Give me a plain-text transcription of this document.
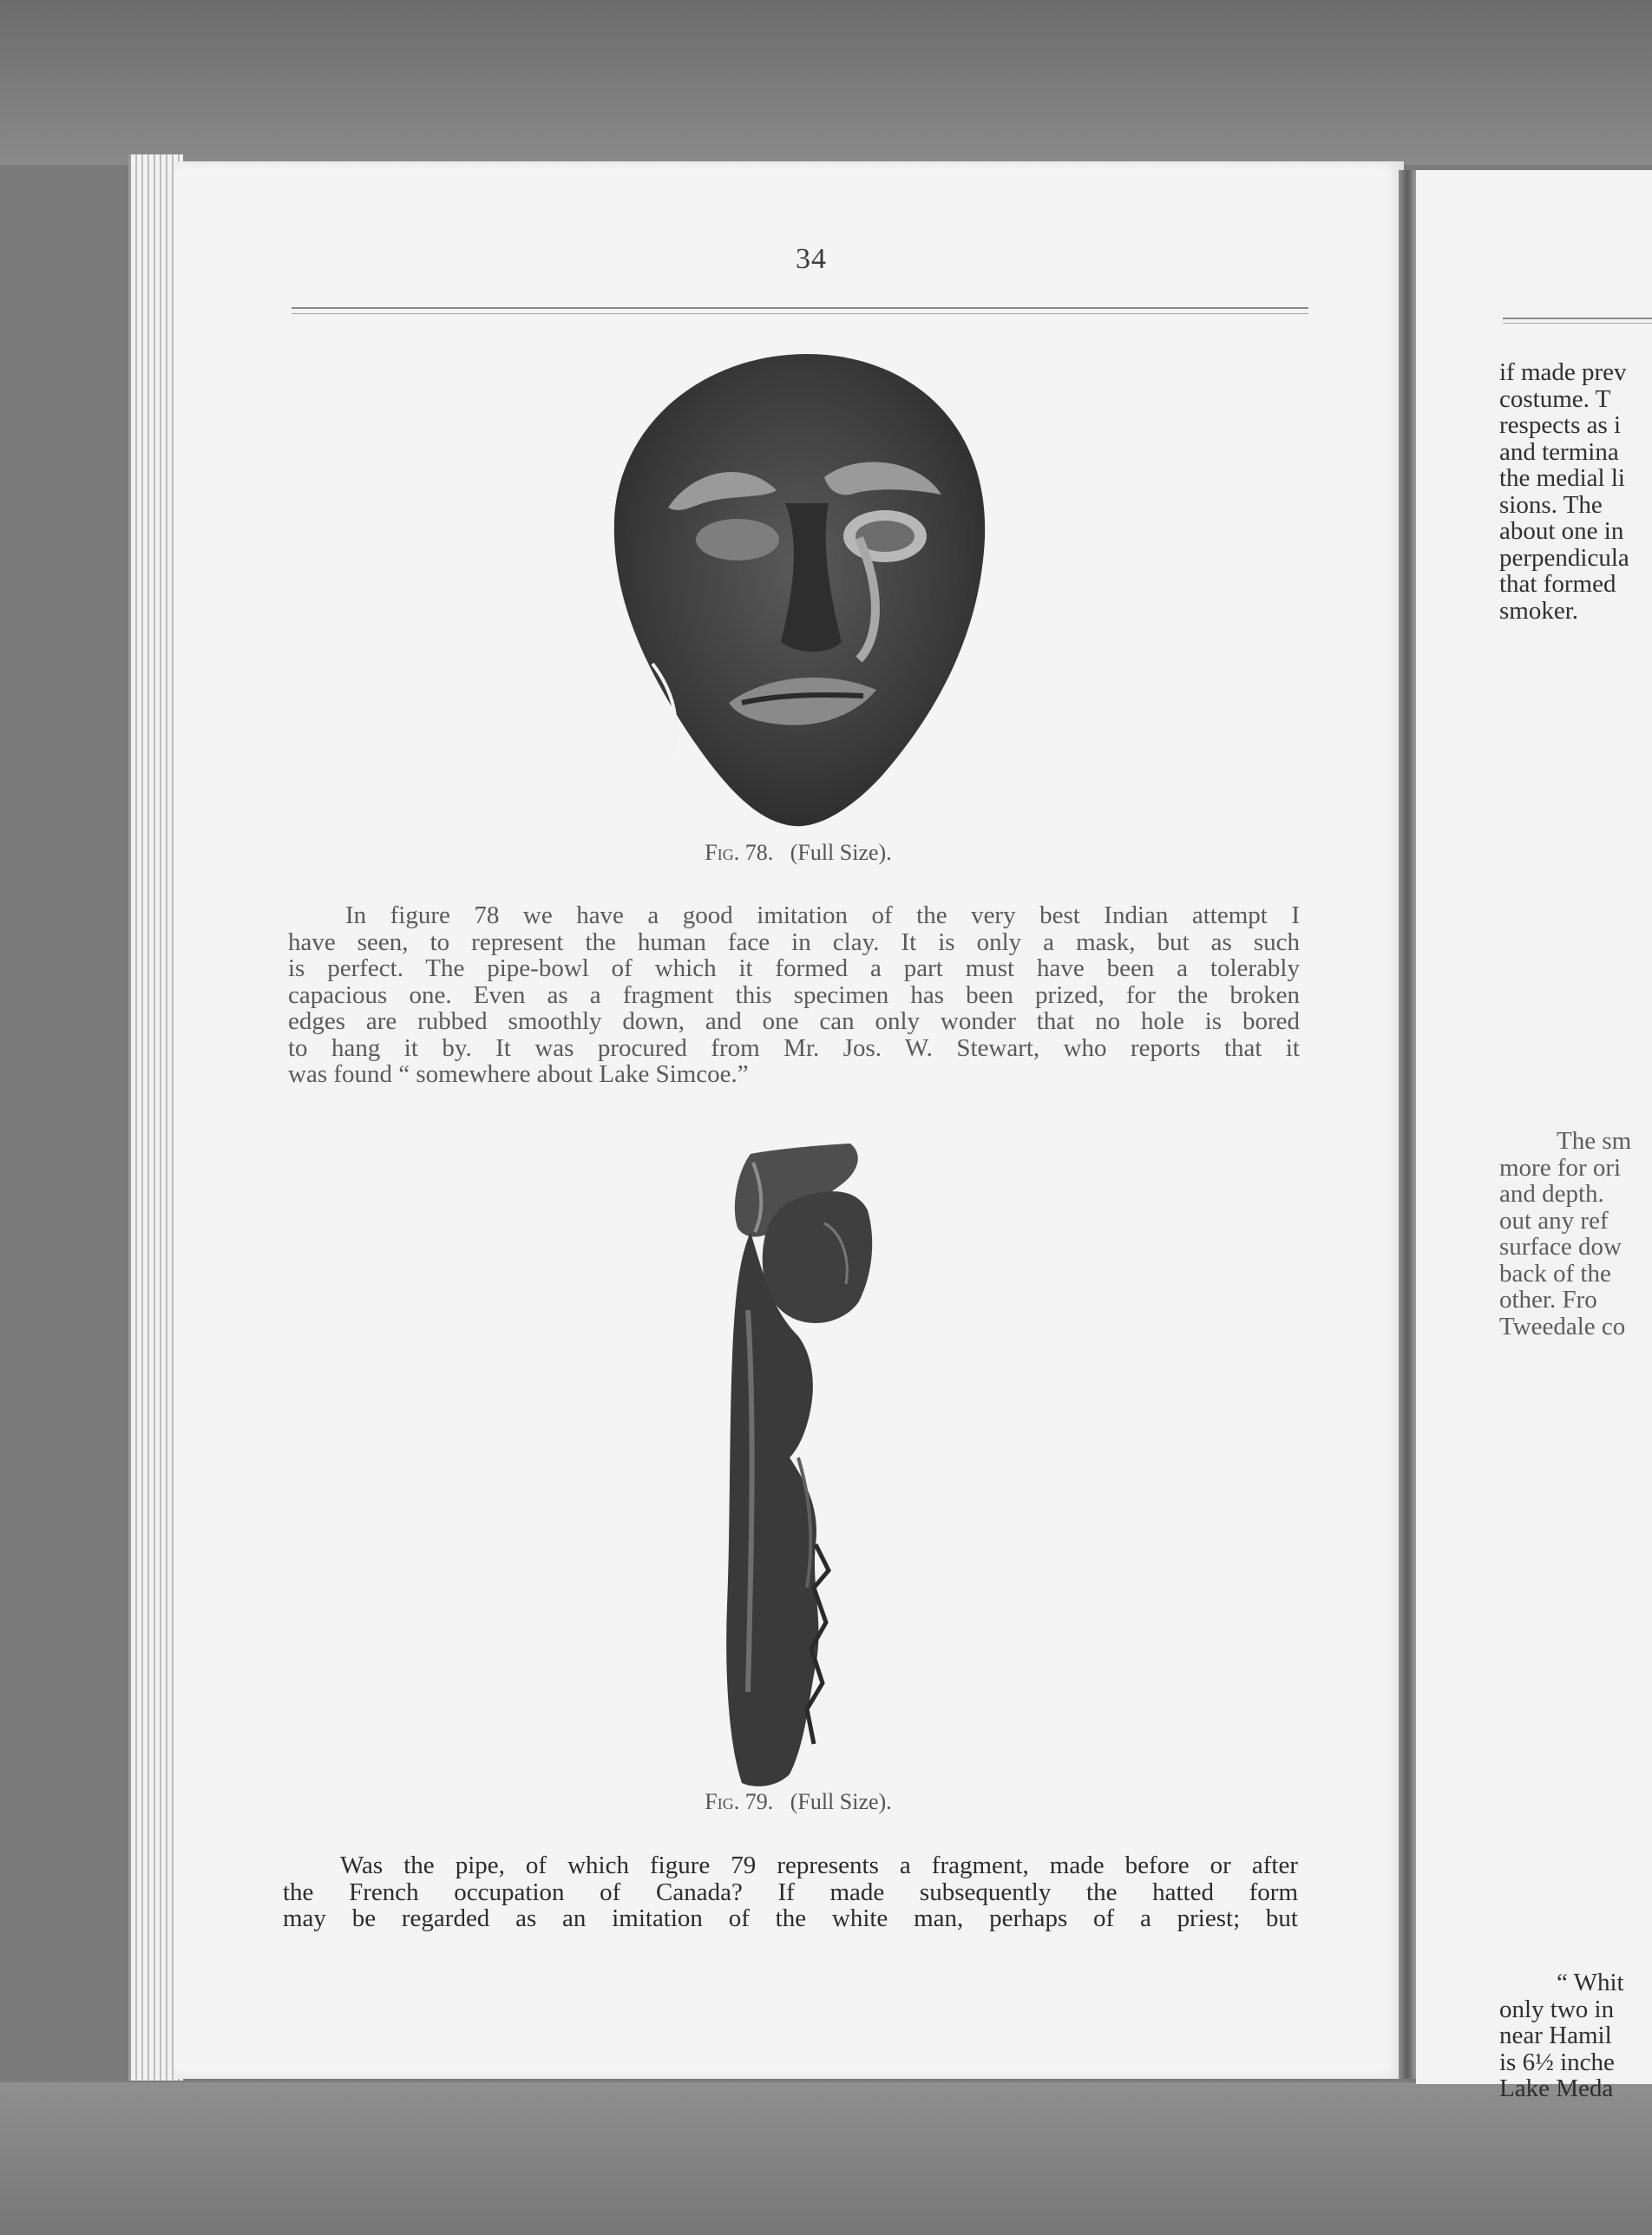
34
Fig. 78. (Full Size).
In figure 78 we have a good imitation of the very best Indian attempt I
have seen, to represent the human face in clay. It is only a mask, but as such
is perfect. The pipe-bowl of which it formed a part must have been a tolerably
capacious one. Even as a fragment this specimen has been prized, for the broken
edges are rubbed smoothly down, and one can only wonder that no hole is bored
to hang it by. It was procured from Mr. Jos. W. Stewart, who reports that it
was found “ somewhere about Lake Simcoe.”
Fig. 79. (Full Size).
Was the pipe, of which figure 79 represents a fragment, made before or after
the French occupation of Canada? If made subsequently the hatted form
may be regarded as an imitation of the white man, perhaps of a priest; but
if made prev
costume. T
respects as i
and termina
the medial li
sions. The
about one in
perpendicula
that formed
smoker.
The sm
more for ori
and depth.
out any ref
surface dow
back of the
other. Fro
Tweedale co
“ Whit
only two in
near Hamil
is 6½ inche
Lake Meda
